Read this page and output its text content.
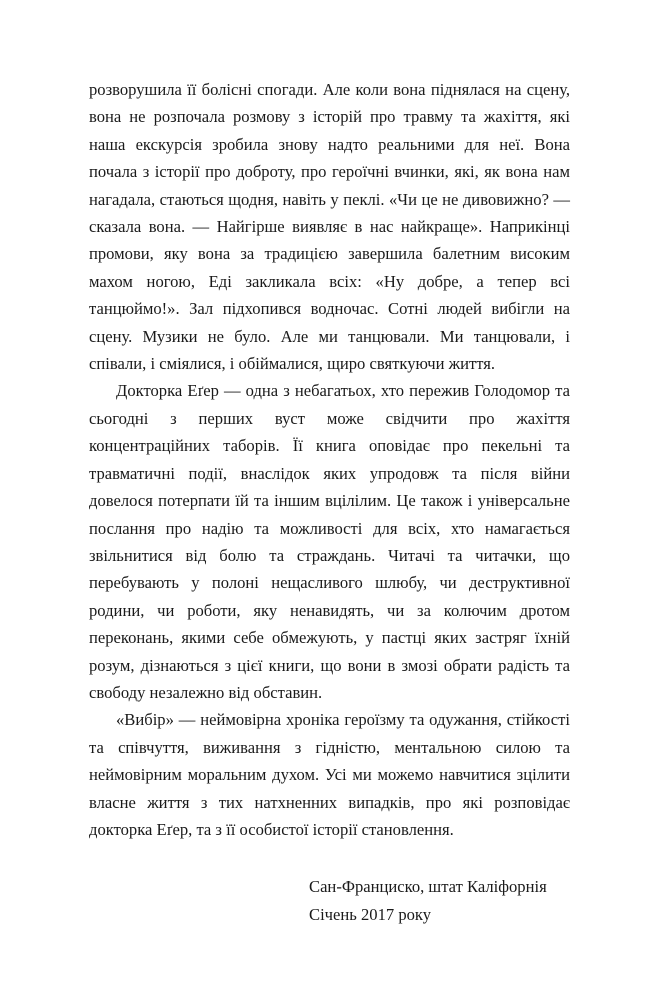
розворушила її болісні спогади. Але коли вона піднялася на сцену, вона не розпочала розмову з історій про травму та жахіття, які наша екскурсія зробила знову надто реальними для неї. Вона почала з історії про доброту, про героїчні вчинки, які, як вона нам нагадала, стаються щодня, навіть у пеклі. «Чи це не дивовижно? — сказала вона. — Найгірше виявляє в нас найкраще». Наприкінці промови, яку вона за традицією завершила балетним високим махом ногою, Еді закликала всіх: «Ну добре, а тепер всі танцюймо!». Зал підхопився водночас. Сотні людей вибігли на сцену. Музики не було. Але ми танцювали. Ми танцювали, і співали, і сміялися, і обіймалися, щиро святкуючи життя.

Докторка Еґер — одна з небагатьох, хто пережив Голодомор та сьогодні з перших вуст може свідчити про жахіття концентраційних таборів. Її книга оповідає про пекельні та травматичні події, внаслідок яких упродовж та після війни довелося потерпати їй та іншим вцілілим. Це також і універсальне послання про надію та можливості для всіх, хто намагається звільнитися від болю та страждань. Читачі та читачки, що перебувають у полоні нещасливого шлюбу, чи деструктивної родини, чи роботи, яку ненавидять, чи за колючим дротом переконань, якими себе обмежують, у пастці яких застряг їхній розум, дізнаються з цієї книги, що вони в змозі обрати радість та свободу незалежно від обставин.

«Вибір» — неймовірна хроніка героїзму та одужання, стійкості та співчуття, виживання з гідністю, ментальною силою та неймовірним моральним духом. Усі ми можемо навчитися зцілити власне життя з тих натхненних випадків, про які розповідає докторка Еґер, та з її особистої історії становлення.

Сан-Франциско, штат Каліфорнія
Січень 2017 року
